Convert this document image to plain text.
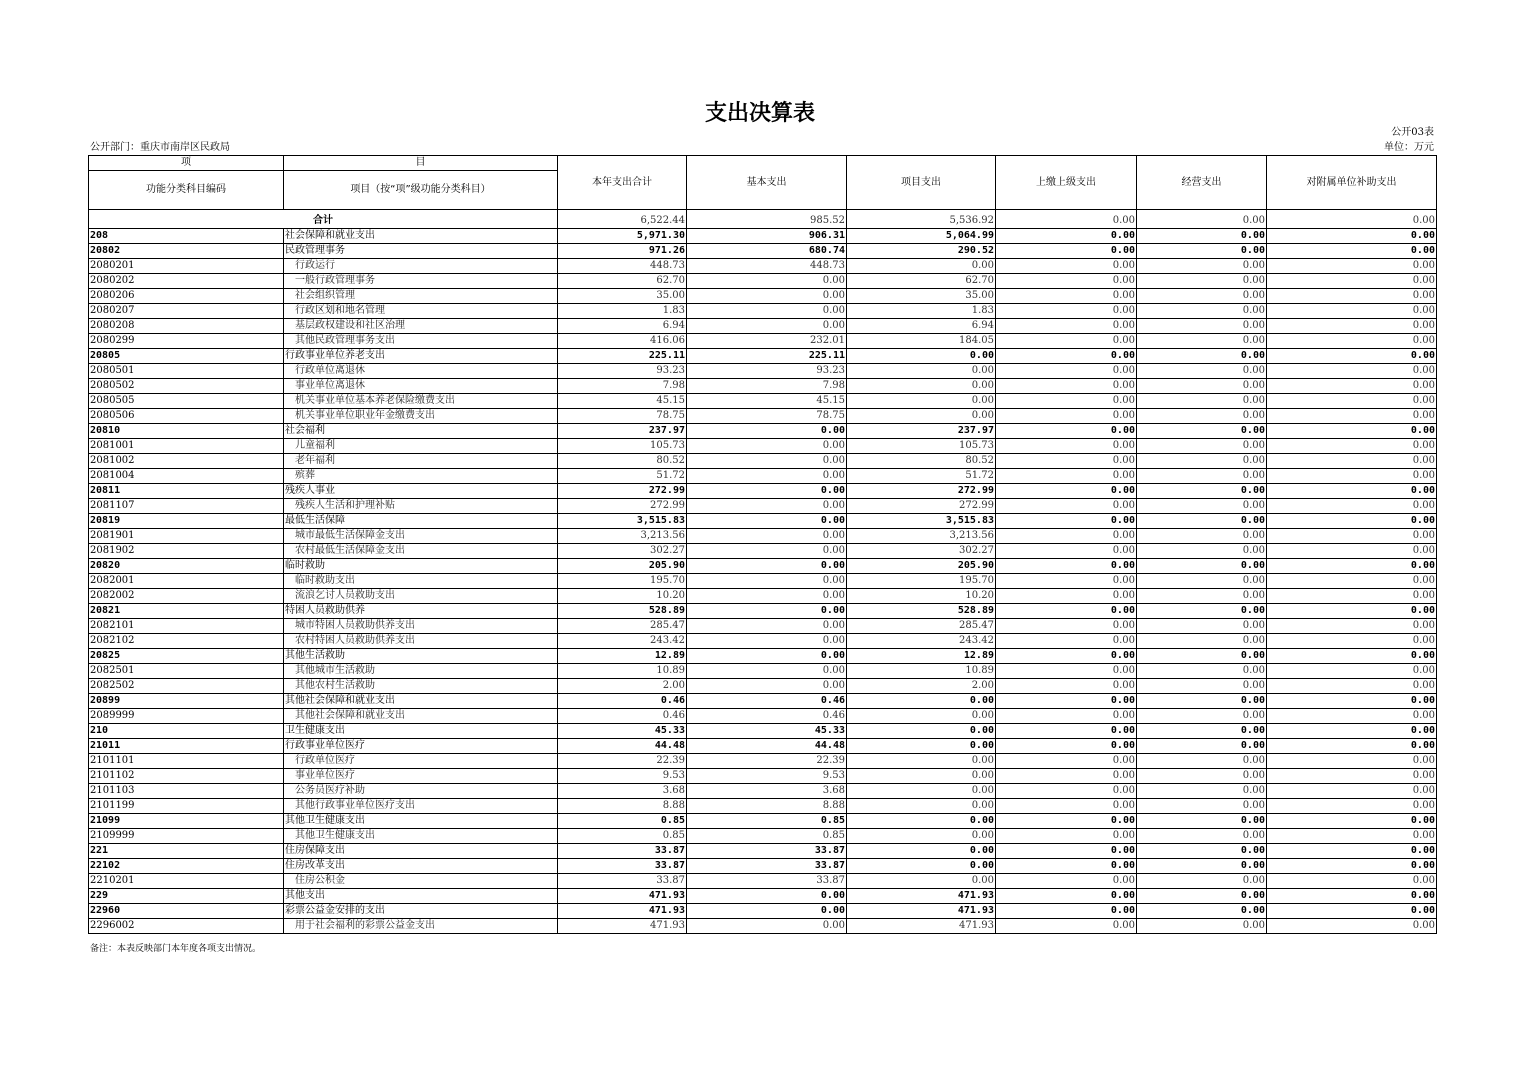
支出决算表
公开03表
公开部门：重庆市南岸区民政局	单位：万元
项	目	本年支出合计	基本支出	项目支出	上缴上级支出	经营支出	对附属单位补助支出
功能分类科目编码	项目（按“项”级功能分类科目）						
合计		6,522.44	985.52	5,536.92	0.00	0.00	0.00
208	社会保障和就业支出	5,971.30	906.31	5,064.99	0.00	0.00	0.00
20802	民政管理事务	971.26	680.74	290.52	0.00	0.00	0.00
2080201	行政运行	448.73	448.73	0.00	0.00	0.00	0.00
2080202	一般行政管理事务	62.70	0.00	62.70	0.00	0.00	0.00
2080206	社会组织管理	35.00	0.00	35.00	0.00	0.00	0.00
2080207	行政区划和地名管理	1.83	0.00	1.83	0.00	0.00	0.00
2080208	基层政权建设和社区治理	6.94	0.00	6.94	0.00	0.00	0.00
2080299	其他民政管理事务支出	416.06	232.01	184.05	0.00	0.00	0.00
20805	行政事业单位养老支出	225.11	225.11	0.00	0.00	0.00	0.00
2080501	行政单位离退休	93.23	93.23	0.00	0.00	0.00	0.00
2080502	事业单位离退休	7.98	7.98	0.00	0.00	0.00	0.00
2080505	机关事业单位基本养老保险缴费支出	45.15	45.15	0.00	0.00	0.00	0.00
2080506	机关事业单位职业年金缴费支出	78.75	78.75	0.00	0.00	0.00	0.00
20810	社会福利	237.97	0.00	237.97	0.00	0.00	0.00
2081001	儿童福利	105.73	0.00	105.73	0.00	0.00	0.00
2081002	老年福利	80.52	0.00	80.52	0.00	0.00	0.00
2081004	殡葬	51.72	0.00	51.72	0.00	0.00	0.00
20811	残疾人事业	272.99	0.00	272.99	0.00	0.00	0.00
2081107	残疾人生活和护理补贴	272.99	0.00	272.99	0.00	0.00	0.00
20819	最低生活保障	3,515.83	0.00	3,515.83	0.00	0.00	0.00
2081901	城市最低生活保障金支出	3,213.56	0.00	3,213.56	0.00	0.00	0.00
2081902	农村最低生活保障金支出	302.27	0.00	302.27	0.00	0.00	0.00
20820	临时救助	205.90	0.00	205.90	0.00	0.00	0.00
2082001	临时救助支出	195.70	0.00	195.70	0.00	0.00	0.00
2082002	流浪乞讨人员救助支出	10.20	0.00	10.20	0.00	0.00	0.00
20821	特困人员救助供养	528.89	0.00	528.89	0.00	0.00	0.00
2082101	城市特困人员救助供养支出	285.47	0.00	285.47	0.00	0.00	0.00
2082102	农村特困人员救助供养支出	243.42	0.00	243.42	0.00	0.00	0.00
20825	其他生活救助	12.89	0.00	12.89	0.00	0.00	0.00
2082501	其他城市生活救助	10.89	0.00	10.89	0.00	0.00	0.00
2082502	其他农村生活救助	2.00	0.00	2.00	0.00	0.00	0.00
20899	其他社会保障和就业支出	0.46	0.46	0.00	0.00	0.00	0.00
2089999	其他社会保障和就业支出	0.46	0.46	0.00	0.00	0.00	0.00
210	卫生健康支出	45.33	45.33	0.00	0.00	0.00	0.00
21011	行政事业单位医疗	44.48	44.48	0.00	0.00	0.00	0.00
2101101	行政单位医疗	22.39	22.39	0.00	0.00	0.00	0.00
2101102	事业单位医疗	9.53	9.53	0.00	0.00	0.00	0.00
2101103	公务员医疗补助	3.68	3.68	0.00	0.00	0.00	0.00
2101199	其他行政事业单位医疗支出	8.88	8.88	0.00	0.00	0.00	0.00
21099	其他卫生健康支出	0.85	0.85	0.00	0.00	0.00	0.00
2109999	其他卫生健康支出	0.85	0.85	0.00	0.00	0.00	0.00
221	住房保障支出	33.87	33.87	0.00	0.00	0.00	0.00
22102	住房改革支出	33.87	33.87	0.00	0.00	0.00	0.00
2210201	住房公积金	33.87	33.87	0.00	0.00	0.00	0.00
229	其他支出	471.93	0.00	471.93	0.00	0.00	0.00
22960	彩票公益金安排的支出	471.93	0.00	471.93	0.00	0.00	0.00
2296002	用于社会福利的彩票公益金支出	471.93	0.00	471.93	0.00	0.00	0.00
备注：本表反映部门本年度各项支出情况。
